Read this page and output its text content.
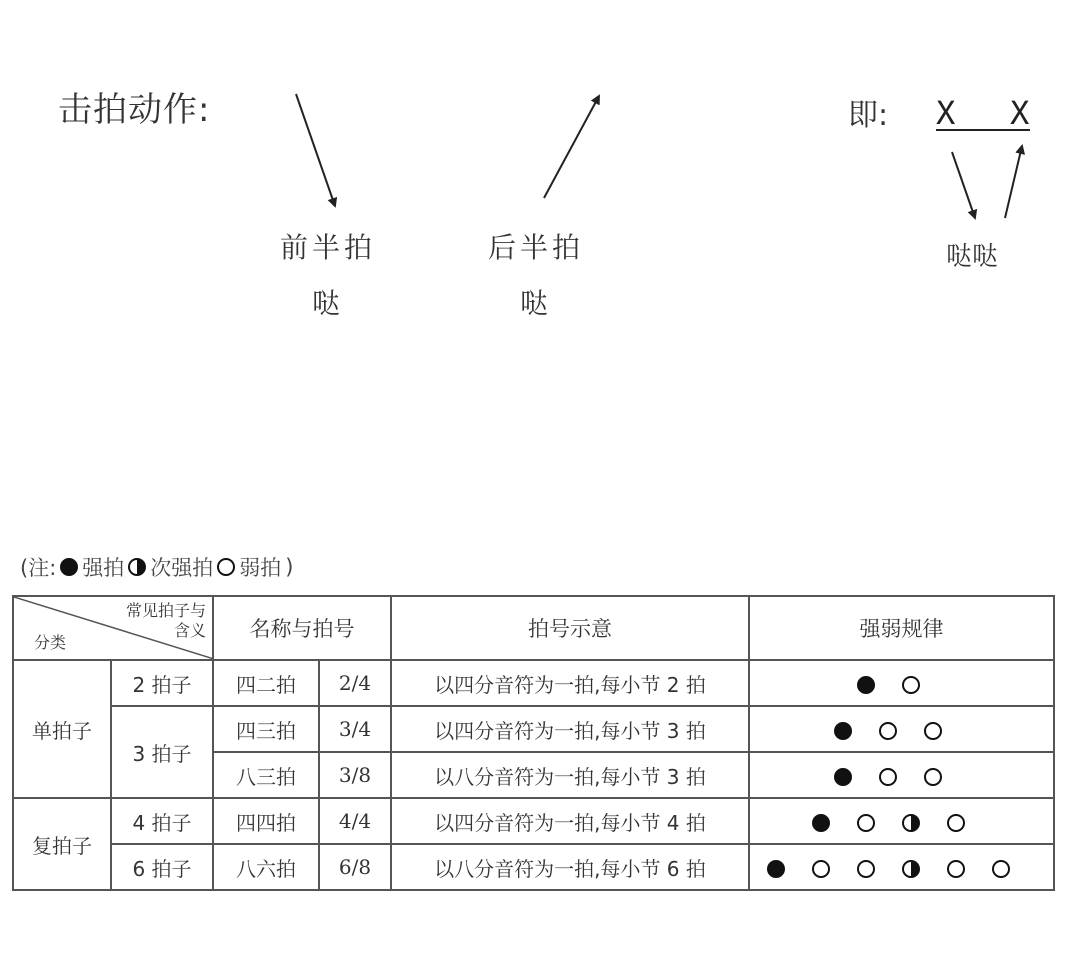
击拍动作:
前半拍
哒
后半拍
哒
即: X X
哒哒
(注: 强拍 次强拍 弱拍 )
常见拍子与
含义
分类		名称与拍号		拍号示意	强弱规律
单拍子	2 拍子	四二拍	2/4	以四分音符为一拍,每小节 2 拍	
	3 拍子	四三拍	3/4	以四分音符为一拍,每小节 3 拍	
		八三拍	3/8	以八分音符为一拍,每小节 3 拍	
复拍子	4 拍子	四四拍	4/4	以四分音符为一拍,每小节 4 拍	
	6 拍子	八六拍	6/8	以八分音符为一拍,每小节 6 拍	
